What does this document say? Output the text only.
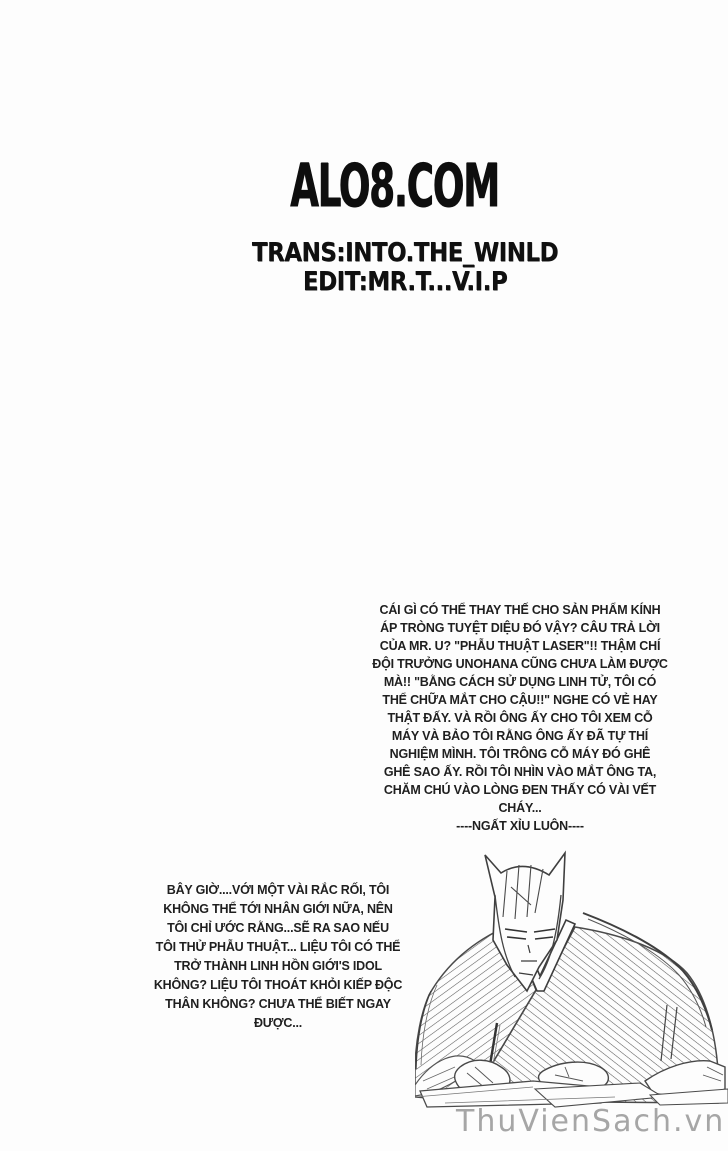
ALO8.COM
TRANS:INTO.THE_WINLD
EDIT:MR.T...V.I.P
CÁI GÌ CÓ THỂ THAY THẾ CHO SẢN PHẨM KÍNH
ÁP TRÒNG TUYỆT DIỆU ĐÓ VẬY? CÂU TRẢ LỜI
CỦA MR. U? "PHẪU THUẬT LASER"!! THẬM CHÍ
ĐỘI TRƯỞNG UNOHANA CŨNG CHƯA LÀM ĐƯỢC
MÀ!! "BẰNG CÁCH SỬ DỤNG LINH TỬ, TÔI CÓ
THỂ CHỮA MẮT CHO CẬU!!" NGHE CÓ VẺ HAY
THẬT ĐẤY. VÀ RỒI ÔNG ẤY CHO TÔI XEM CỖ
MÁY VÀ BẢO TÔI RẰNG ÔNG ẤY ĐÃ TỰ THÍ
NGHIỆM MÌNH. TÔI TRÔNG CỖ MÁY ĐÓ GHÊ
GHÊ SAO ẤY. RỒI TÔI NHÌN VÀO MẮT ÔNG TA,
CHĂM CHÚ VÀO LÒNG ĐEN THẤY CÓ VÀI VẾT
CHÁY...
----NGẤT XỈU LUÔN----
BÂY GIỜ....VỚI MỘT VÀI RẮC RỐI, TÔI
KHÔNG THỂ TỚI NHÂN GIỚI NỮA, NÊN
TÔI CHỈ ƯỚC RẰNG...SẼ RA SAO NẾU
TÔI THỬ PHẪU THUẬT... LIỆU TÔI CÓ THỂ
TRỞ THÀNH LINH HỒN GIỚI'S IDOL
KHÔNG? LIỆU TÔI THOÁT KHỎI KIẾP ĐỘC
THÂN KHÔNG? CHƯA THỂ BIẾT NGAY
ĐƯỢC...
ThuVienSach.vn
